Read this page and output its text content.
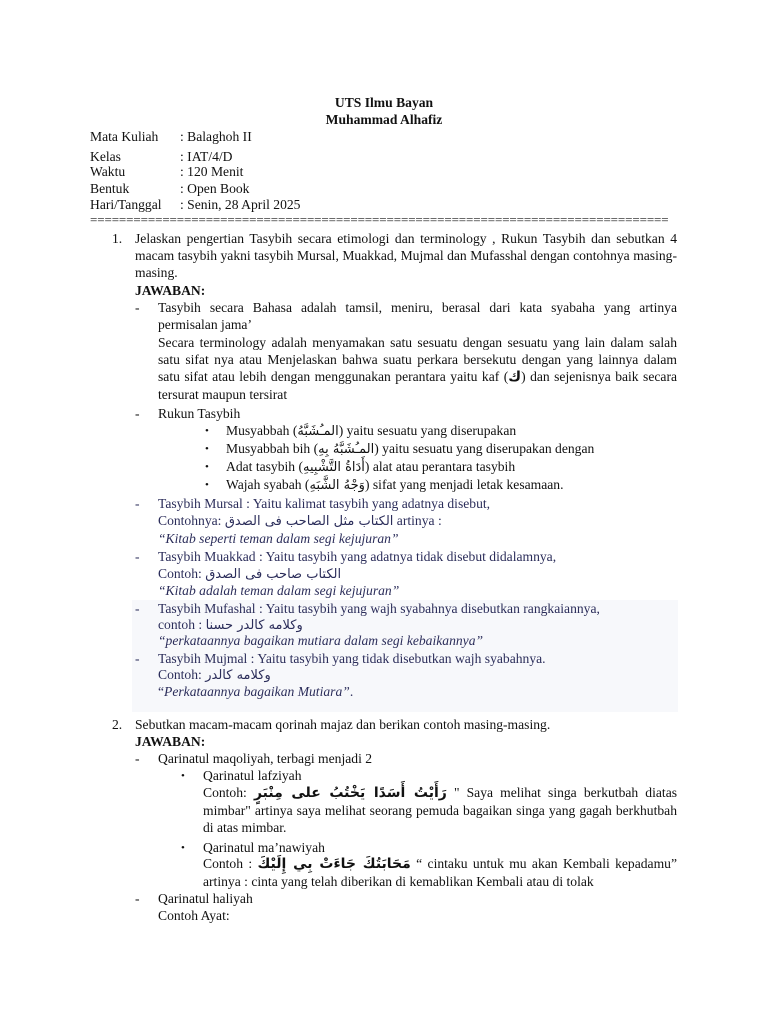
UTS Ilmu Bayan
Muhammad Alhafiz
Mata Kuliah : Balaghoh II
Kelas	: IAT/4/D
Waktu	: 120 Menit
Bentuk	: Open Book
Hari/Tanggal : Senin, 28 April 2025
================================================================================
1. Jelaskan pengertian Tasybih secara etimologi dan terminology , Rukun Tasybih dan sebutkan 4 macam tasybih yakni tasybih Mursal, Muakkad, Mujmal dan Mufasshal dengan contohnya masing-masing.
JAWABAN:
- Tasybih secara Bahasa adalah tamsil, meniru, berasal dari kata syabaha yang artinya permisalan jama’
Secara terminology adalah menyamakan satu sesuatu dengan sesuatu yang lain dalam salah satu sifat nya atau Menjelaskan bahwa suatu perkara bersekutu dengan yang lainnya dalam satu sifat atau lebih dengan menggunakan perantara yaitu kaf (ك) dan sejenisnya baik secara tersurat maupun tersirat
- Rukun Tasybih
• Musyabbah (المـُشَبَّهُ) yaitu sesuatu yang diserupakan
• Musyabbah bih (المـُشَبَّهُ بِهِ) yaitu sesuatu yang diserupakan dengan
• Adat tasybih (أَدَاةُ التَّشْبِيهِ) alat atau perantara tasybih
• Wajah syabah (وَجْهُ الشَّبَهِ) sifat yang menjadi letak kesamaan.
- Tasybih Mursal : Yaitu kalimat tasybih yang adatnya disebut,
Contohnya: الكتاب مثل الصاحب فى الصدق artinya :
“Kitab seperti teman dalam segi kejujuran”
- Tasybih Muakkad : Yaitu tasybih yang adatnya tidak disebut didalamnya,
Contoh: الكتاب صاحب فى الصدق
“Kitab adalah teman dalam segi kejujuran”
- Tasybih Mufashal : Yaitu tasybih yang wajh syabahnya disebutkan rangkaiannya,
contoh : وكلامه كالدر حسنا
“perkataannya bagaikan mutiara dalam segi kebaikannya”
- Tasybih Mujmal : Yaitu tasybih yang tidak disebutkan wajh syabahnya.
Contoh: وكلامه كالدر
“Perkataannya bagaikan Mutiara”.
2. Sebutkan macam-macam qorinah majaz dan berikan contoh masing-masing.
JAWABAN:
- Qarinatul maqoliyah, terbagi menjadi 2
• Qarinatul lafziyah
Contoh: رَأَيْتُ أَسَدًا يَخْتُبُ على مِنْبَرٍ " Saya melihat singa berkutbah diatas mimbar" artinya saya melihat seorang pemuda bagaikan singa yang gagah berkhutbah di atas mimbar.
• Qarinatul ma’nawiyah
Contoh : مَحَابَتُكَ جَاءَتْ بِي إِلَيْكَ “ cintaku untuk mu akan Kembali kepadamu” artinya : cinta yang telah diberikan di kemablikan Kembali atau di tolak
- Qarinatul haliyah
Contoh Ayat:
